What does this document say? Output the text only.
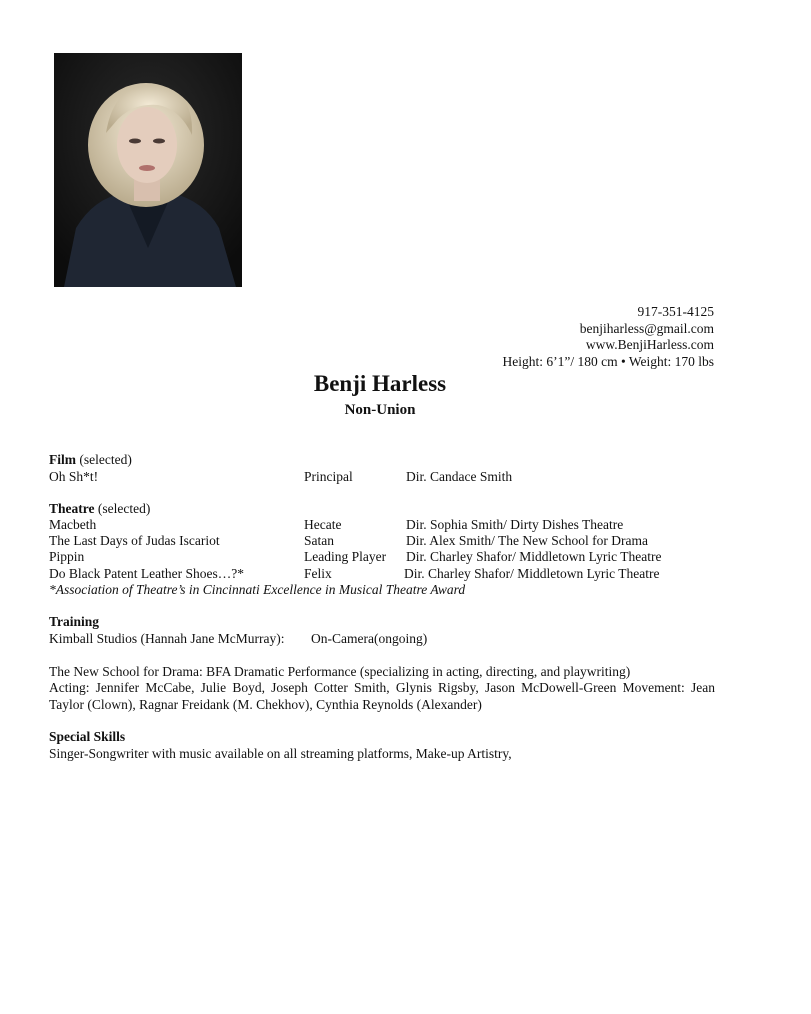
917-351-4125
benjiharless@gmail.com
www.BenjiHarless.com
Height: 6’1”/ 180 cm • Weight: 170 lbs
Benji Harless
Non-Union
Film (selected)
Oh Sh*t!	Principal	Dir. Candace Smith
Theatre (selected)
Macbeth	Hecate	Dir. Sophia Smith/ Dirty Dishes Theatre
The Last Days of Judas Iscariot	Satan	Dir. Alex Smith/ The New School for Drama
Pippin	Leading Player Dir. Charley Shafor/ Middletown Lyric Theatre
Do Black Patent Leather Shoes…?*	Felix	Dir. Charley Shafor/ Middletown Lyric Theatre
*Association of Theatre’s in Cincinnati Excellence in Musical Theatre Award
Training
Kimball Studios (Hannah Jane McMurray): On-Camera(ongoing)
The New School for Drama: BFA Dramatic Performance (specializing in acting, directing, and playwriting)
Acting: Jennifer McCabe, Julie Boyd, Joseph Cotter Smith, Glynis Rigsby, Jason McDowell-Green Movement: Jean Taylor (Clown), Ragnar Freidank (M. Chekhov), Cynthia Reynolds (Alexander)
Special Skills
Singer-Songwriter with music available on all streaming platforms, Make-up Artistry,
